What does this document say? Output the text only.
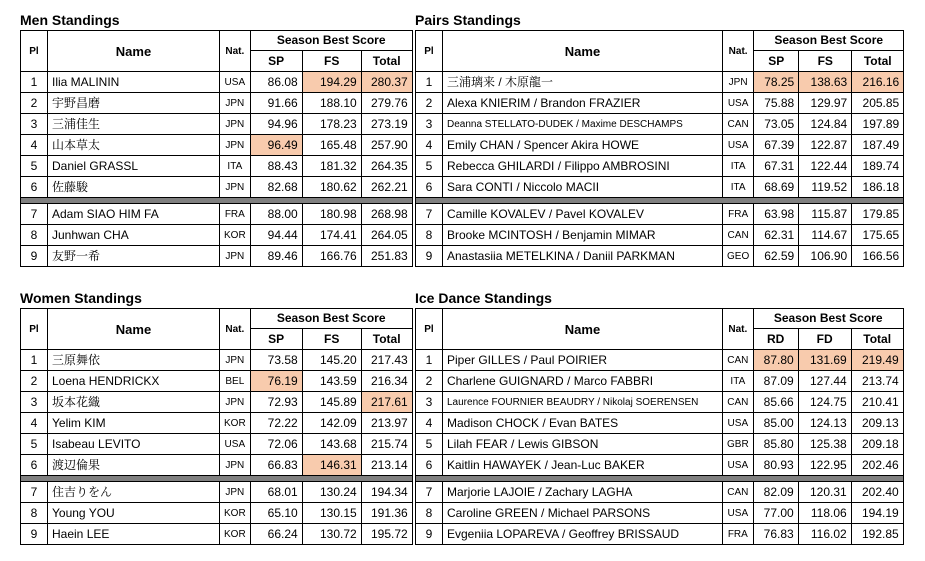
Men Standings
Pl	Name	Nat.	Season Best Score		
			SP	FS	Total
1	Ilia MALININ	USA	86.08	194.29	280.37
2	宇野昌磨	JPN	91.66	188.10	279.76
3	三浦佳生	JPN	94.96	178.23	273.19
4	山本草太	JPN	96.49	165.48	257.90
5	Daniel GRASSL	ITA	88.43	181.32	264.35
6	佐藤駿	JPN	82.68	180.62	262.21

7	Adam SIAO HIM FA	FRA	88.00	180.98	268.98
8	Junhwan CHA	KOR	94.44	174.41	264.05
9	友野一希	JPN	89.46	166.76	251.83
Pairs Standings
Pl	Name	Nat.	Season Best Score		
			SP	FS	Total
1	三浦璃来 / 木原龍一	JPN	78.25	138.63	216.16
2	Alexa KNIERIM / Brandon FRAZIER	USA	75.88	129.97	205.85
3	Deanna STELLATO-DUDEK / Maxime DESCHAMPS	CAN	73.05	124.84	197.89
4	Emily CHAN / Spencer Akira HOWE	USA	67.39	122.87	187.49
5	Rebecca GHILARDI / Filippo AMBROSINI	ITA	67.31	122.44	189.74
6	Sara CONTI / Niccolo MACII	ITA	68.69	119.52	186.18

7	Camille KOVALEV / Pavel KOVALEV	FRA	63.98	115.87	179.85
8	Brooke MCINTOSH / Benjamin MIMAR	CAN	62.31	114.67	175.65
9	Anastasiia METELKINA / Daniil PARKMAN	GEO	62.59	106.90	166.56
Women Standings
Pl	Name	Nat.	Season Best Score		
			SP	FS	Total
1	三原舞依	JPN	73.58	145.20	217.43
2	Loena HENDRICKX	BEL	76.19	143.59	216.34
3	坂本花織	JPN	72.93	145.89	217.61
4	Yelim KIM	KOR	72.22	142.09	213.97
5	Isabeau LEVITO	USA	72.06	143.68	215.74
6	渡辺倫果	JPN	66.83	146.31	213.14

7	住吉りをん	JPN	68.01	130.24	194.34
8	Young YOU	KOR	65.10	130.15	191.36
9	Haein LEE	KOR	66.24	130.72	195.72
Ice Dance Standings
Pl	Name	Nat.	Season Best Score		
			RD	FD	Total
1	Piper GILLES / Paul POIRIER	CAN	87.80	131.69	219.49
2	Charlene GUIGNARD / Marco FABBRI	ITA	87.09	127.44	213.74
3	Laurence FOURNIER BEAUDRY / Nikolaj SOERENSEN	CAN	85.66	124.75	210.41
4	Madison CHOCK / Evan BATES	USA	85.00	124.13	209.13
5	Lilah FEAR / Lewis GIBSON	GBR	85.80	125.38	209.18
6	Kaitlin HAWAYEK / Jean-Luc BAKER	USA	80.93	122.95	202.46

7	Marjorie LAJOIE / Zachary LAGHA	CAN	82.09	120.31	202.40
8	Caroline GREEN / Michael PARSONS	USA	77.00	118.06	194.19
9	Evgeniia LOPAREVA / Geoffrey BRISSAUD	FRA	76.83	116.02	192.85
